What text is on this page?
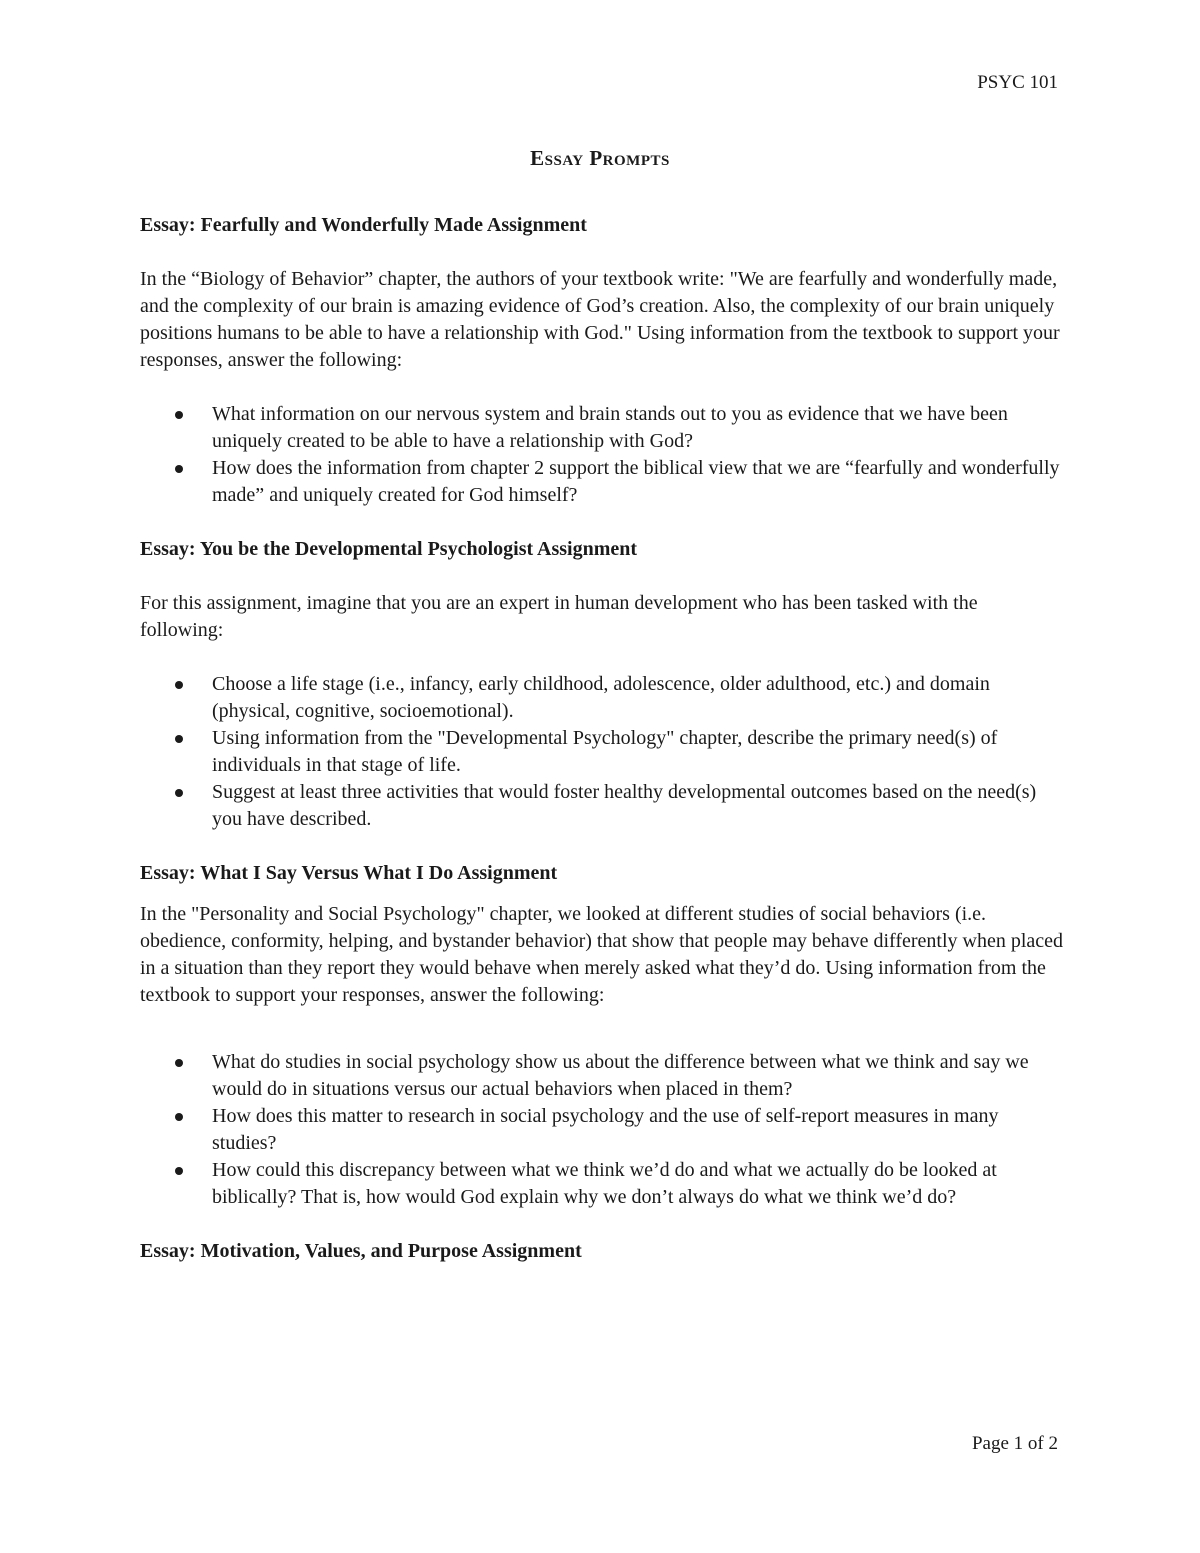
PSYC 101
Essay Prompts

Essay: Fearfully and Wonderfully Made Assignment

In the “Biology of Behavior” chapter, the authors of your textbook write: "We are fearfully and wonderfully made, and the complexity of our brain is amazing evidence of God’s creation. Also, the complexity of our brain uniquely positions humans to be able to have a relationship with God." Using information from the textbook to support your responses, answer the following:

What information on our nervous system and brain stands out to you as evidence that we have been uniquely created to be able to have a relationship with God?
How does the information from chapter 2 support the biblical view that we are “fearfully and wonderfully made” and uniquely created for God himself?

Essay: You be the Developmental Psychologist Assignment

For this assignment, imagine that you are an expert in human development who has been tasked with the following:

Choose a life stage (i.e., infancy, early childhood, adolescence, older adulthood, etc.) and domain (physical, cognitive, socioemotional).
Using information from the "Developmental Psychology" chapter, describe the primary need(s) of individuals in that stage of life.
Suggest at least three activities that would foster healthy developmental outcomes based on the need(s) you have described.

Essay: What I Say Versus What I Do Assignment

In the "Personality and Social Psychology" chapter, we looked at different studies of social behaviors (i.e. obedience, conformity, helping, and bystander behavior) that show that people may behave differently when placed in a situation than they report they would behave when merely asked what they’d do. Using information from the textbook to support your responses, answer the following:

What do studies in social psychology show us about the difference between what we think and say we would do in situations versus our actual behaviors when placed in them?
How does this matter to research in social psychology and the use of self-report measures in many studies?
How could this discrepancy between what we think we’d do and what we actually do be looked at biblically? That is, how would God explain why we don’t always do what we think we’d do?

Essay: Motivation, Values, and Purpose Assignment

Page 1 of 2
